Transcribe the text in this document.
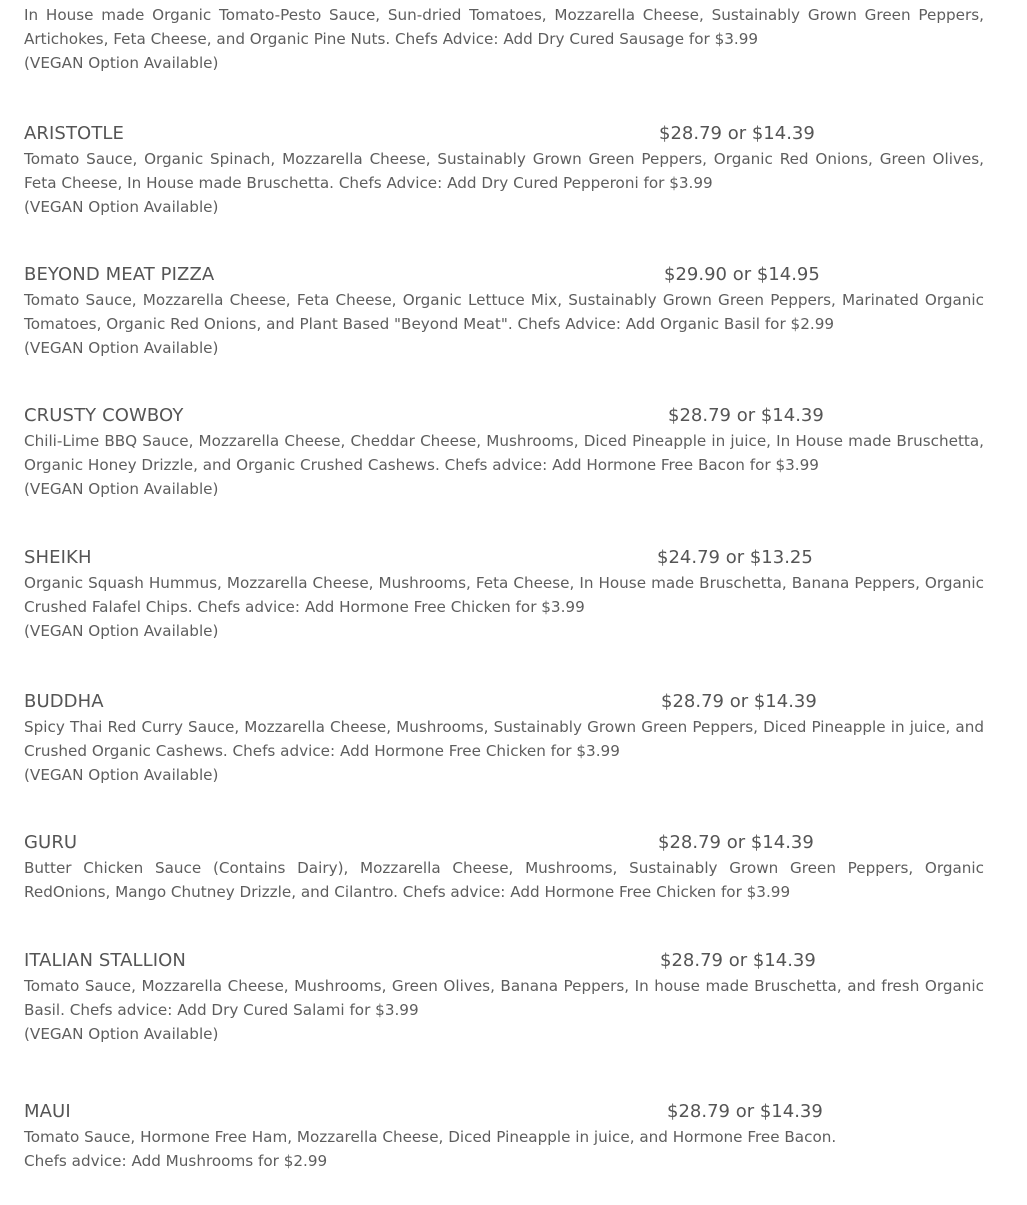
In House made Organic Tomato-Pesto Sauce, Sun-dried Tomatoes, Mozzarella Cheese, Sustainably Grown Green Peppers, Artichokes, Feta Cheese, and Organic Pine Nuts. Chefs Advice: Add Dry Cured Sausage for $3.99

(VEGAN Option Available)

ARISTOTLE	$28.79 or $14.39

Tomato Sauce, Organic Spinach, Mozzarella Cheese, Sustainably Grown Green Peppers, Organic Red Onions, Green Olives, Feta Cheese, In House made Bruschetta. Chefs Advice: Add Dry Cured Pepperoni for $3.99

(VEGAN Option Available)

BEYOND MEAT PIZZA	$29.90 or $14.95

Tomato Sauce, Mozzarella Cheese, Feta Cheese, Organic Lettuce Mix, Sustainably Grown Green Peppers, Marinated Organic Tomatoes, Organic Red Onions, and Plant Based "Beyond Meat". Chefs Advice: Add Organic Basil for $2.99

(VEGAN Option Available)

CRUSTY COWBOY	$28.79 or $14.39

Chili-Lime BBQ Sauce, Mozzarella Cheese, Cheddar Cheese, Mushrooms, Diced Pineapple in juice, In House made Bruschetta, Organic Honey Drizzle, and Organic Crushed Cashews. Chefs advice: Add Hormone Free Bacon for $3.99

(VEGAN Option Available)

SHEIKH	$24.79 or $13.25

Organic Squash Hummus, Mozzarella Cheese, Mushrooms, Feta Cheese, In House made Bruschetta, Banana Peppers, Organic Crushed Falafel Chips. Chefs advice: Add Hormone Free Chicken for $3.99

(VEGAN Option Available)

BUDDHA	$28.79 or $14.39

Spicy Thai Red Curry Sauce, Mozzarella Cheese, Mushrooms, Sustainably Grown Green Peppers, Diced Pineapple in juice, and Crushed Organic Cashews. Chefs advice: Add Hormone Free Chicken for $3.99

(VEGAN Option Available)

GURU	$28.79 or $14.39

Butter Chicken Sauce (Contains Dairy), Mozzarella Cheese, Mushrooms, Sustainably Grown Green Peppers, Organic RedOnions, Mango Chutney Drizzle, and Cilantro. Chefs advice: Add Hormone Free Chicken for $3.99

ITALIAN STALLION	$28.79 or $14.39

Tomato Sauce, Mozzarella Cheese, Mushrooms, Green Olives, Banana Peppers, In house made Bruschetta, and fresh Organic Basil. Chefs advice: Add Dry Cured Salami for $3.99

(VEGAN Option Available)

MAUI	$28.79 or $14.39

Tomato Sauce, Hormone Free Ham, Mozzarella Cheese, Diced Pineapple in juice, and Hormone Free Bacon.

Chefs advice: Add Mushrooms for $2.99
